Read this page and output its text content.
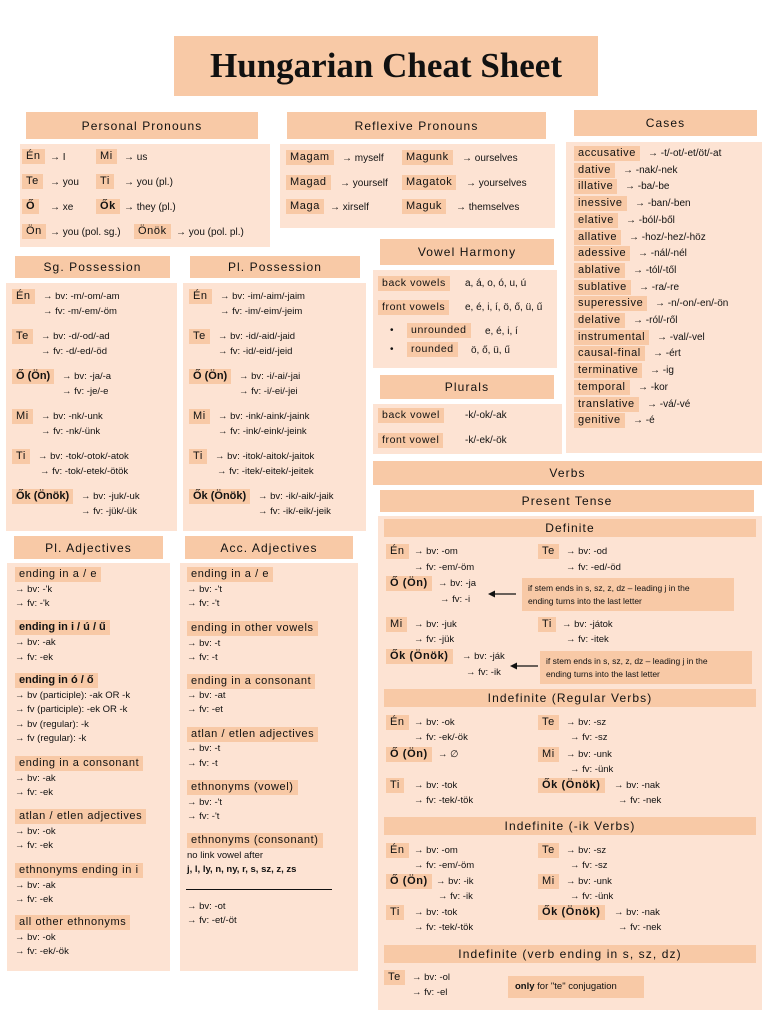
Hungarian Cheat Sheet
Personal Pronouns
Én → I	Mi	→ us
Te	→ you	Ti	→ you (pl.)
Ő	→ xe	Ők → they (pl.)
Ön → you (pol. sg.)	Önök → you (pol. pl.)
Reflexive Pronouns
Magam	→ myself	Magunk	→ ourselves
Magad	→ yourself	Magatok	→ yourselves
Maga	→ xirself	Maguk	→ themselves
Cases
accusative	→ -t/-ot/-et/öt/-at
dative	→ -nak/-nek
illative	→ -ba/-be
inessive	→ -ban/-ben
elative	→ -ból/-ből
allative	→ -hoz/-hez/-höz
adessive	→ -nál/-nél
ablative	→ -tól/-től
sublative	→ -ra/-re
superessive	→ -n/-on/-en/-ön
delative	→ -ról/-ről
instrumental	→ -val/-vel
causal-final	→ -ért
terminative	→ -ig
temporal	→ -kor
translative	→ -vá/-vé
genitive	→ -é
Vowel Harmony
back vowels	a, á, o, ó, u, ú
front vowels	e, é, i, í, ö, ő, ü, ű
•	unrounded	e, é, i, í
•	rounded	ö, ő, ü, ű
Plurals
back vowel	-k/-ok/-ak
front vowel	-k/-ek/-ök
Sg. Possession
Én	→ bv: -m/-om/-am
→ fv: -m/-em/-öm
Te	→ bv: -d/-od/-ad
→ fv: -d/-ed/-öd
Ő (Ön)	→ bv: -ja/-a
→ fv: -je/-e
Mi	→ bv: -nk/-unk
→ fv: -nk/-ünk
Ti	→ bv: -tok/-otok/-atok
→ fv: -tok/-etek/-ötök
Ők (Önök)	→ bv: -juk/-uk
→ fv: -jük/-ük
Pl. Possession
Én	→ bv: -im/-aim/-jaim
→ fv: -im/-eim/-jeim
Te	→ bv: -id/-aid/-jaid
→ fv: -id/-eid/-jeid
Ő (Ön)	→ bv: -i/-ai/-jai
→ fv: -i/-ei/-jei
Mi	→ bv: -ink/-aink/-jaink
→ fv: -ink/-eink/-jeink
Ti	→ bv: -itok/-aitok/-jaitok
→ fv: -itek/-eitek/-jeitek
Ők (Önök)	→ bv: -ik/-aik/-jaik
→ fv: -ik/-eik/-jeik
Pl. Adjectives
ending in a / e
→ bv: -'k
→ fv: -'k
ending in i / ú / ű
→ bv: -ak
→ fv: -ek
ending in ó / ő
→ bv (participle): -ak OR -k
→ fv (participle): -ek OR -k
→ bv (regular): -k
→ fv (regular): -k
ending in a consonant
→ bv: -ak
→ fv: -ek
atlan / etlen adjectives
→ bv: -ok
→ fv: -ek
ethnonyms ending in i
→ bv: -ak
→ fv: -ek
all other ethnonyms
→ bv: -ok
→ fv: -ek/-ök
Acc. Adjectives
ending in a / e
→ bv: -'t
→ fv: -'t
ending in other vowels
→ bv: -t
→ fv: -t
ending in a consonant
→ bv: -at
→ fv: -et
atlan / etlen adjectives
→ bv: -t
→ fv: -t
ethnonyms (vowel)
→ bv: -'t
→ fv: -'t
ethnonyms (consonant)
no link vowel after
j, l, ly, n, ny, r, s, sz, z, zs
→ bv: -ot
→ fv: -et/-öt
Verbs
Present Tense
Definite
Én → bv: -om
→ fv: -em/-öm
Te	→ bv: -od
→ fv: -ed/-öd
Ő (Ön)	→ bv: -ja
→ fv: -i
if stem ends in s, sz, z, dz – leading j in the
ending turns into the last letter
Mi	→ bv: -juk
→ fv: -jük
Ti	→ bv: -játok
→ fv: -itek
Ők (Önök)	→ bv: -ják
→ fv: -ik
if stem ends in s, sz, z, dz – leading j in the
ending turns into the last letter
Indefinite (Regular Verbs)
Én → bv: -ok
→ fv: -ek/-ök
Te	→ bv: -sz
→ fv: -sz
Ő (Ön)	→ ∅	Mi	→ bv: -unk
→ fv: -ünk
Ti	→ bv: -tok
→ fv: -tek/-tök
Ők (Önök)	→ bv: -nak
→ fv: -nek
Indefinite (-ik Verbs)
Én → bv: -om
→ fv: -em/-öm
Te	→ bv: -sz
→ fv: -sz
Ő (Ön) → bv: -ik
→ fv: -ik
Mi	→ bv: -unk
→ fv: -ünk
Ti	→ bv: -tok
→ fv: -tek/-tök
Ők (Önök)	→ bv: -nak
→ fv: -nek
Indefinite (verb ending in s, sz, dz)
Te	→ bv: -ol
→ fv: -el
only for "te" conjugation
